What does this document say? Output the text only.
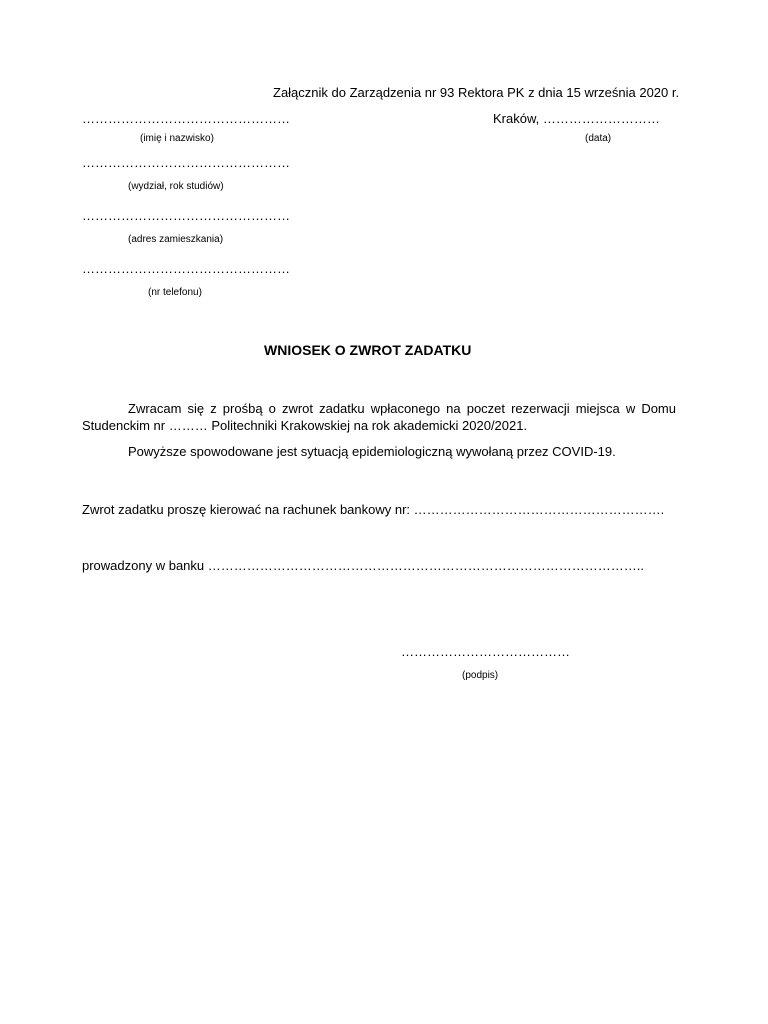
Załącznik do Zarządzenia nr 93 Rektora PK z dnia 15 września 2020 r.
…………………………………………
(imię i nazwisko)
Kraków, ………………………
(data)
…………………………………………
(wydział, rok studiów)
…………………………………………
(adres zamieszkania)
…………………………………………
(nr telefonu)
WNIOSEK O ZWROT ZADATKU
Zwracam się z prośbą o zwrot zadatku wpłaconego na poczet rezerwacji miejsca w Domu Studenckim nr ……… Politechniki Krakowskiej na rok akademicki 2020/2021.
Powyższe spowodowane jest sytuacją epidemiologiczną wywołaną przez COVID-19.
Zwrot zadatku proszę kierować na rachunek bankowy nr: ………………………………………………….
prowadzony w banku ………………………………………………………………………………………..
…………………………………
(podpis)
